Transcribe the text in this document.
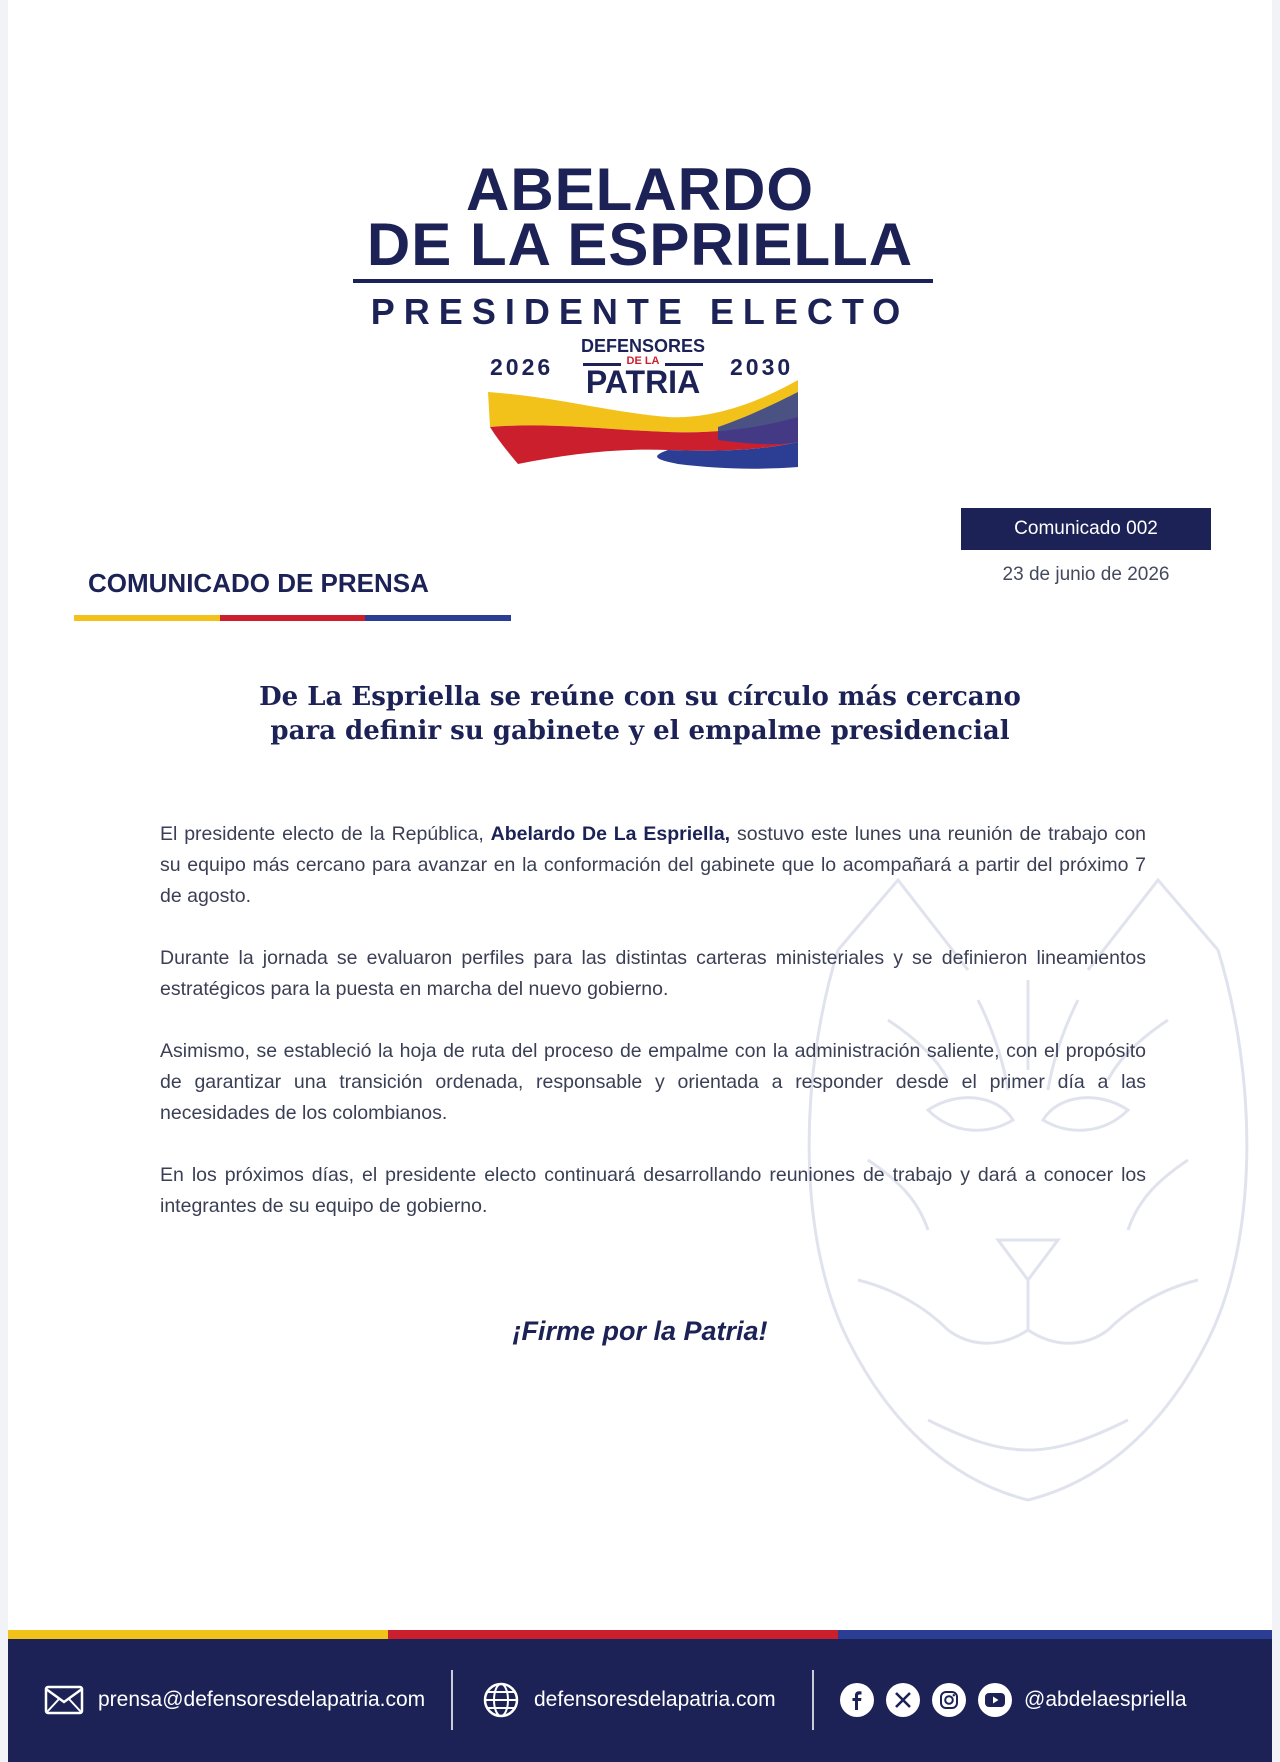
ABELARDO
DE LA ESPRIELLA
PRESIDENTE ELECTO
2026	2030
DEFENSORES
DE LA
PATRIA
Comunicado 002
23 de junio de 2026
COMUNICADO DE PRENSA
De La Espriella se reúne con su círculo más cercano
para definir su gabinete y el empalme presidencial

El presidente electo de la República, Abelardo De La Espriella, sostuvo este lunes una reunión de trabajo con su equipo más cercano para avanzar en la conformación del gabinete que lo acompañará a partir del próximo 7 de agosto.

Durante la jornada se evaluaron perfiles para las distintas carteras ministeriales y se definieron lineamientos estratégicos para la puesta en marcha del nuevo gobierno.

Asimismo, se estableció la hoja de ruta del proceso de empalme con la administración saliente, con el propósito de garantizar una transición ordenada, responsable y orientada a responder desde el primer día a las necesidades de los colombianos.

En los próximos días, el presidente electo continuará desarrollando reuniones de trabajo y dará a conocer los integrantes de su equipo de gobierno.

¡Firme por la Patria!
prensa@defensoresdelapatria.com	defensoresdelapatria.com	@abdelaespriella
